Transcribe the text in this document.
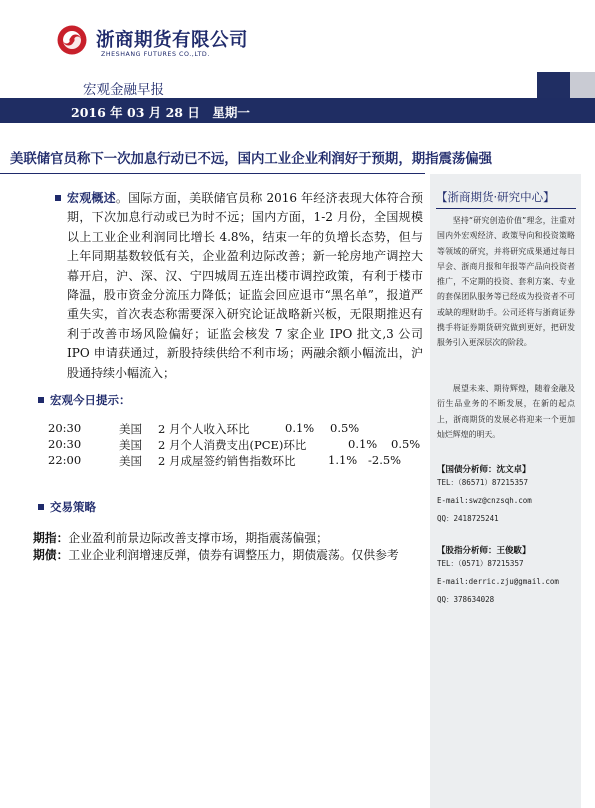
浙商期货有限公司
ZHESHANG FUTURES CO.,LTD.
宏观金融早报
2016 年 03 月 28 日　星期一
美联储官员称下一次加息行动已不远，国内工业企业利润好于预期，期指震荡偏强
宏观概述。国际方面，美联储官员称 2016 年经济表现大体符合预期，下次加息行动或已为时不远；国内方面，1-2 月份，全国规模以上工业企业利润同比增长 4.8%，结束一年的负增长态势，但与上年同期基数较低有关，企业盈利边际改善；新一轮房地产调控大幕开启，沪、深、汉、宁四城周五连出楼市调控政策，有利于楼市降温，股市资金分流压力降低；证监会回应退市“黑名单”，报道严重失实，首次表态称需要深入研究论证战略新兴板，无限期推迟有利于改善市场风险偏好；证监会核发 7 家企业 IPO 批文,3 公司 IPO 申请获通过，新股持续供给不利市场；两融余额小幅流出，沪股通持续小幅流入；
宏观今日提示：
20:30	美国 2 月个人收入环比	0.1% 0.5%
20:30	美国 2 月个人消费支出(PCE)环比	0.1% 0.5%
22:00	美国 2 月成屋签约销售指数环比	1.1% -2.5%
交易策略
期指：企业盈利前景边际改善支撑市场，期指震荡偏强；
期债：工业企业利润增速反弹，债券有调整压力，期债震荡。仅供参考
【浙商期货·研究中心】
坚持“研究创造价值”理念，注重对国内外宏观经济、政策导向和投资策略等领域的研究，并将研究成果通过每日早会、浙商月报和年报等产品向投资者推广，不定期的投资、套利方案、专业的套保团队服务等已经成为投资者不可或缺的理财助手。公司还将与浙商证券携手将证券期货研究做到更好，把研发服务引入更深层次的阶段。
展望未来、期待辉煌，随着金融及衍生品业务的不断发展，在新的起点上，浙商期货的发展必将迎来一个更加灿烂辉煌的明天。
【国债分析师：沈文卓】
TEL：（86571）87215357
E-mail:swz@cnzsqh.com
QQ：2418725241
【股指分析师：王俊駇】
TEL：（0571）87215357
E-mail:derric.zju@gmail.com
QQ：378634028
